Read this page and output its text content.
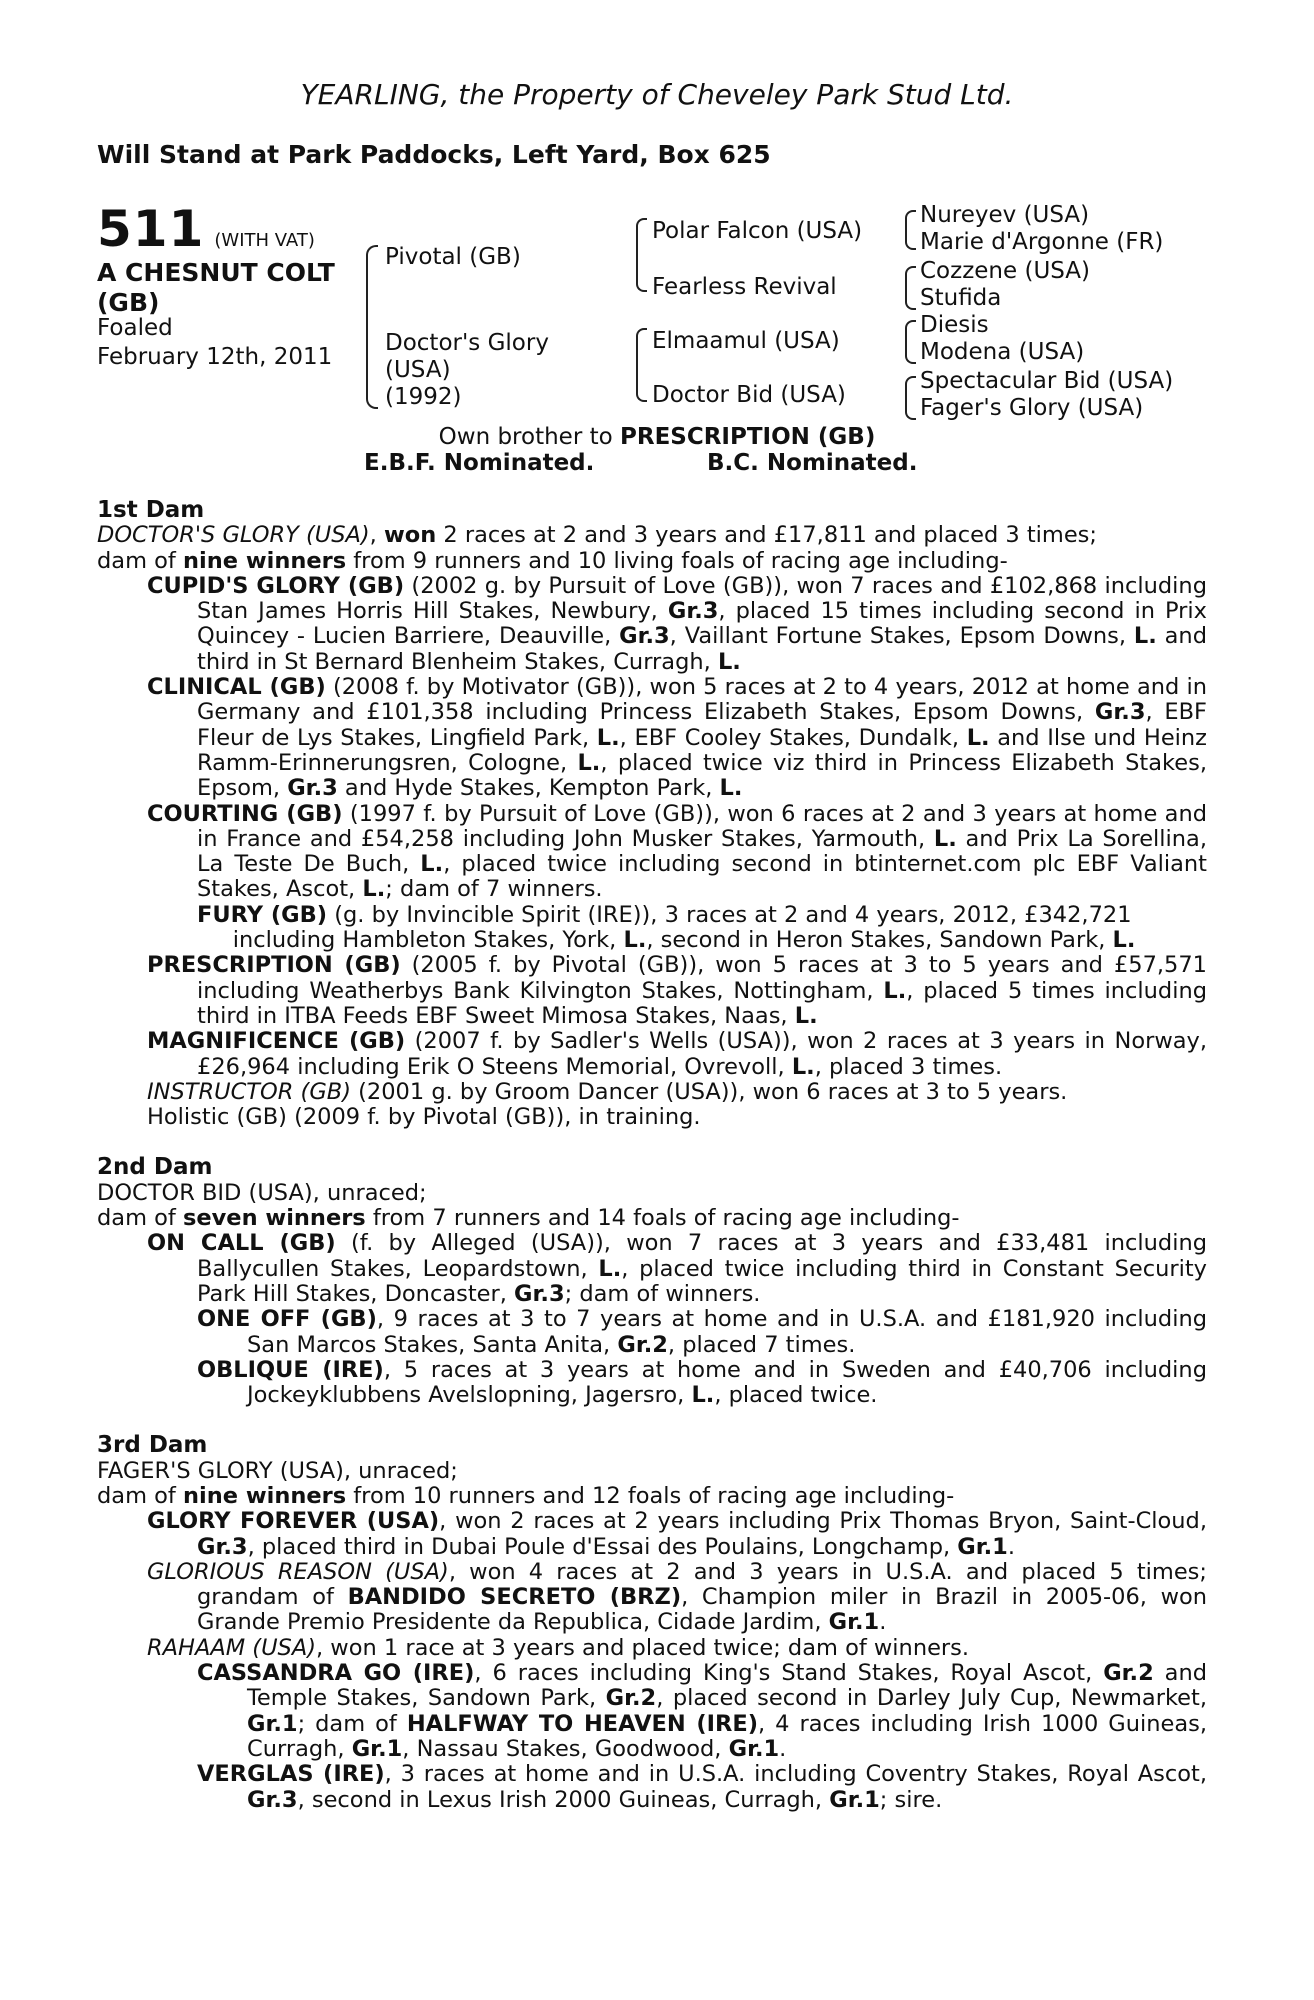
YEARLING, the Property of Cheveley Park Stud Ltd.
Will Stand at Park Paddocks, Left Yard, Box 625
511 (WITH VAT)
A CHESNUT COLT (GB)
Foaled
February 12th, 2011
Pivotal (GB)
Doctor's Glory
(USA)
(1992)
Polar Falcon (USA)
Fearless Revival
Elmaamul (USA)
Doctor Bid (USA)
Nureyev (USA)
Marie d'Argonne (FR)
Cozzene (USA)
Stufida
Diesis
Modena (USA)
Spectacular Bid (USA)
Fager's Glory (USA)
Own brother to PRESCRIPTION (GB)
E.B.F. Nominated.	B.C. Nominated.

1st Dam

DOCTOR'S GLORY (USA), won 2 races at 2 and 3 years and £17,811 and placed 3 times;
dam of nine winners from 9 runners and 10 living foals of racing age including-

CUPID'S GLORY (GB) (2002 g. by Pursuit of Love (GB)), won 7 races and £102,868 including Stan James Horris Hill Stakes, Newbury, Gr.3, placed 15 times including second in Prix Quincey - Lucien Barriere, Deauville, Gr.3, Vaillant Fortune Stakes, Epsom Downs, L. and third in St Bernard Blenheim Stakes, Curragh, L.

CLINICAL (GB) (2008 f. by Motivator (GB)), won 5 races at 2 to 4 years, 2012 at home and in Germany and £101,358 including Princess Elizabeth Stakes, Epsom Downs, Gr.3, EBF Fleur de Lys Stakes, Lingfield Park, L., EBF Cooley Stakes, Dundalk, L. and Ilse und Heinz Ramm-Erinnerungsren, Cologne, L., placed twice viz third in Princess Elizabeth Stakes, Epsom, Gr.3 and Hyde Stakes, Kempton Park, L.

COURTING (GB) (1997 f. by Pursuit of Love (GB)), won 6 races at 2 and 3 years at home and in France and £54,258 including John Musker Stakes, Yarmouth, L. and Prix La Sorellina, La Teste De Buch, L., placed twice including second in btinternet.com plc EBF Valiant Stakes, Ascot, L.; dam of 7 winners.

FURY (GB) (g. by Invincible Spirit (IRE)), 3 races at 2 and 4 years, 2012, £342,721
including Hambleton Stakes, York, L., second in Heron Stakes, Sandown Park, L.

PRESCRIPTION (GB) (2005 f. by Pivotal (GB)), won 5 races at 3 to 5 years and £57,571 including Weatherbys Bank Kilvington Stakes, Nottingham, L., placed 5 times including third in ITBA Feeds EBF Sweet Mimosa Stakes, Naas, L.

MAGNIFICENCE (GB) (2007 f. by Sadler's Wells (USA)), won 2 races at 3 years in Norway, £26,964 including Erik O Steens Memorial, Ovrevoll, L., placed 3 times.

INSTRUCTOR (GB) (2001 g. by Groom Dancer (USA)), won 6 races at 3 to 5 years.

Holistic (GB) (2009 f. by Pivotal (GB)), in training.

2nd Dam

DOCTOR BID (USA), unraced;
dam of seven winners from 7 runners and 14 foals of racing age including-

ON CALL (GB) (f. by Alleged (USA)), won 7 races at 3 years and £33,481 including Ballycullen Stakes, Leopardstown, L., placed twice including third in Constant Security Park Hill Stakes, Doncaster, Gr.3; dam of winners.

ONE OFF (GB), 9 races at 3 to 7 years at home and in U.S.A. and £181,920 including San Marcos Stakes, Santa Anita, Gr.2, placed 7 times.

OBLIQUE (IRE), 5 races at 3 years at home and in Sweden and £40,706 including Jockeyklubbens Avelslopning, Jagersro, L., placed twice.

3rd Dam

FAGER'S GLORY (USA), unraced;
dam of nine winners from 10 runners and 12 foals of racing age including-

GLORY FOREVER (USA), won 2 races at 2 years including Prix Thomas Bryon, Saint-Cloud, Gr.3, placed third in Dubai Poule d'Essai des Poulains, Longchamp, Gr.1.

GLORIOUS REASON (USA), won 4 races at 2 and 3 years in U.S.A. and placed 5 times; grandam of BANDIDO SECRETO (BRZ), Champion miler in Brazil in 2005-06, won Grande Premio Presidente da Republica, Cidade Jardim, Gr.1.

RAHAAM (USA), won 1 race at 3 years and placed twice; dam of winners.

CASSANDRA GO (IRE), 6 races including King's Stand Stakes, Royal Ascot, Gr.2 and Temple Stakes, Sandown Park, Gr.2, placed second in Darley July Cup, Newmarket, Gr.1; dam of HALFWAY TO HEAVEN (IRE), 4 races including Irish 1000 Guineas, Curragh, Gr.1, Nassau Stakes, Goodwood, Gr.1.

VERGLAS (IRE), 3 races at home and in U.S.A. including Coventry Stakes, Royal Ascot, Gr.3, second in Lexus Irish 2000 Guineas, Curragh, Gr.1; sire.
